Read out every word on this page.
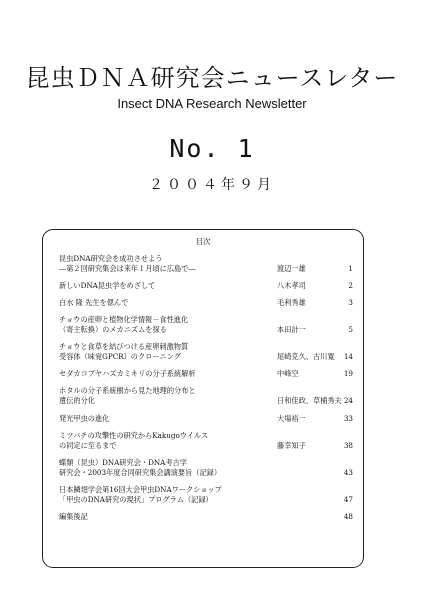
昆虫ＤＮＡ研究会ニュースレター
Insect DNA Research Newsletter
No. 1
２００４年９月
目次
昆虫DNA研究会を成功させよう
―第２回研究集会は来年１月頃に広島で―	渡辺一雄	1
新しいDNA昆虫学をめざして	八木孝司	2
白水 隆 先生を偲んで	毛利秀雄	3
チョウの産卵と植物化学情報－食性進化
（寄主転換）のメカニズムを探る	本田計一	5
チョウと食草を結びつける産卵刺激物質
受容体（味覚GPCR）のクローニング	尾崎克久、古川寛	14
セダカコブヤハズカミキリの分子系統解析	中峰空	19
ホタルの分子系統樹から見た地理的分布と
遺伝的分化	日和佳政、草桶秀夫 24
発光甲虫の進化	大場裕一	33
ミツバチの攻撃性の研究からKakugoウイルス
の同定に至るまで	藤幸知子	38
蝶類（昆虫）DNA研究会・DNA考古学
研究会・2003年度合同研究集会講演要旨（記録）	43
日本鱗翅学会第16回大会甲虫DNAワークショップ
「甲虫のDNA研究の現状」プログラム（記録）	47
編集後記	48
